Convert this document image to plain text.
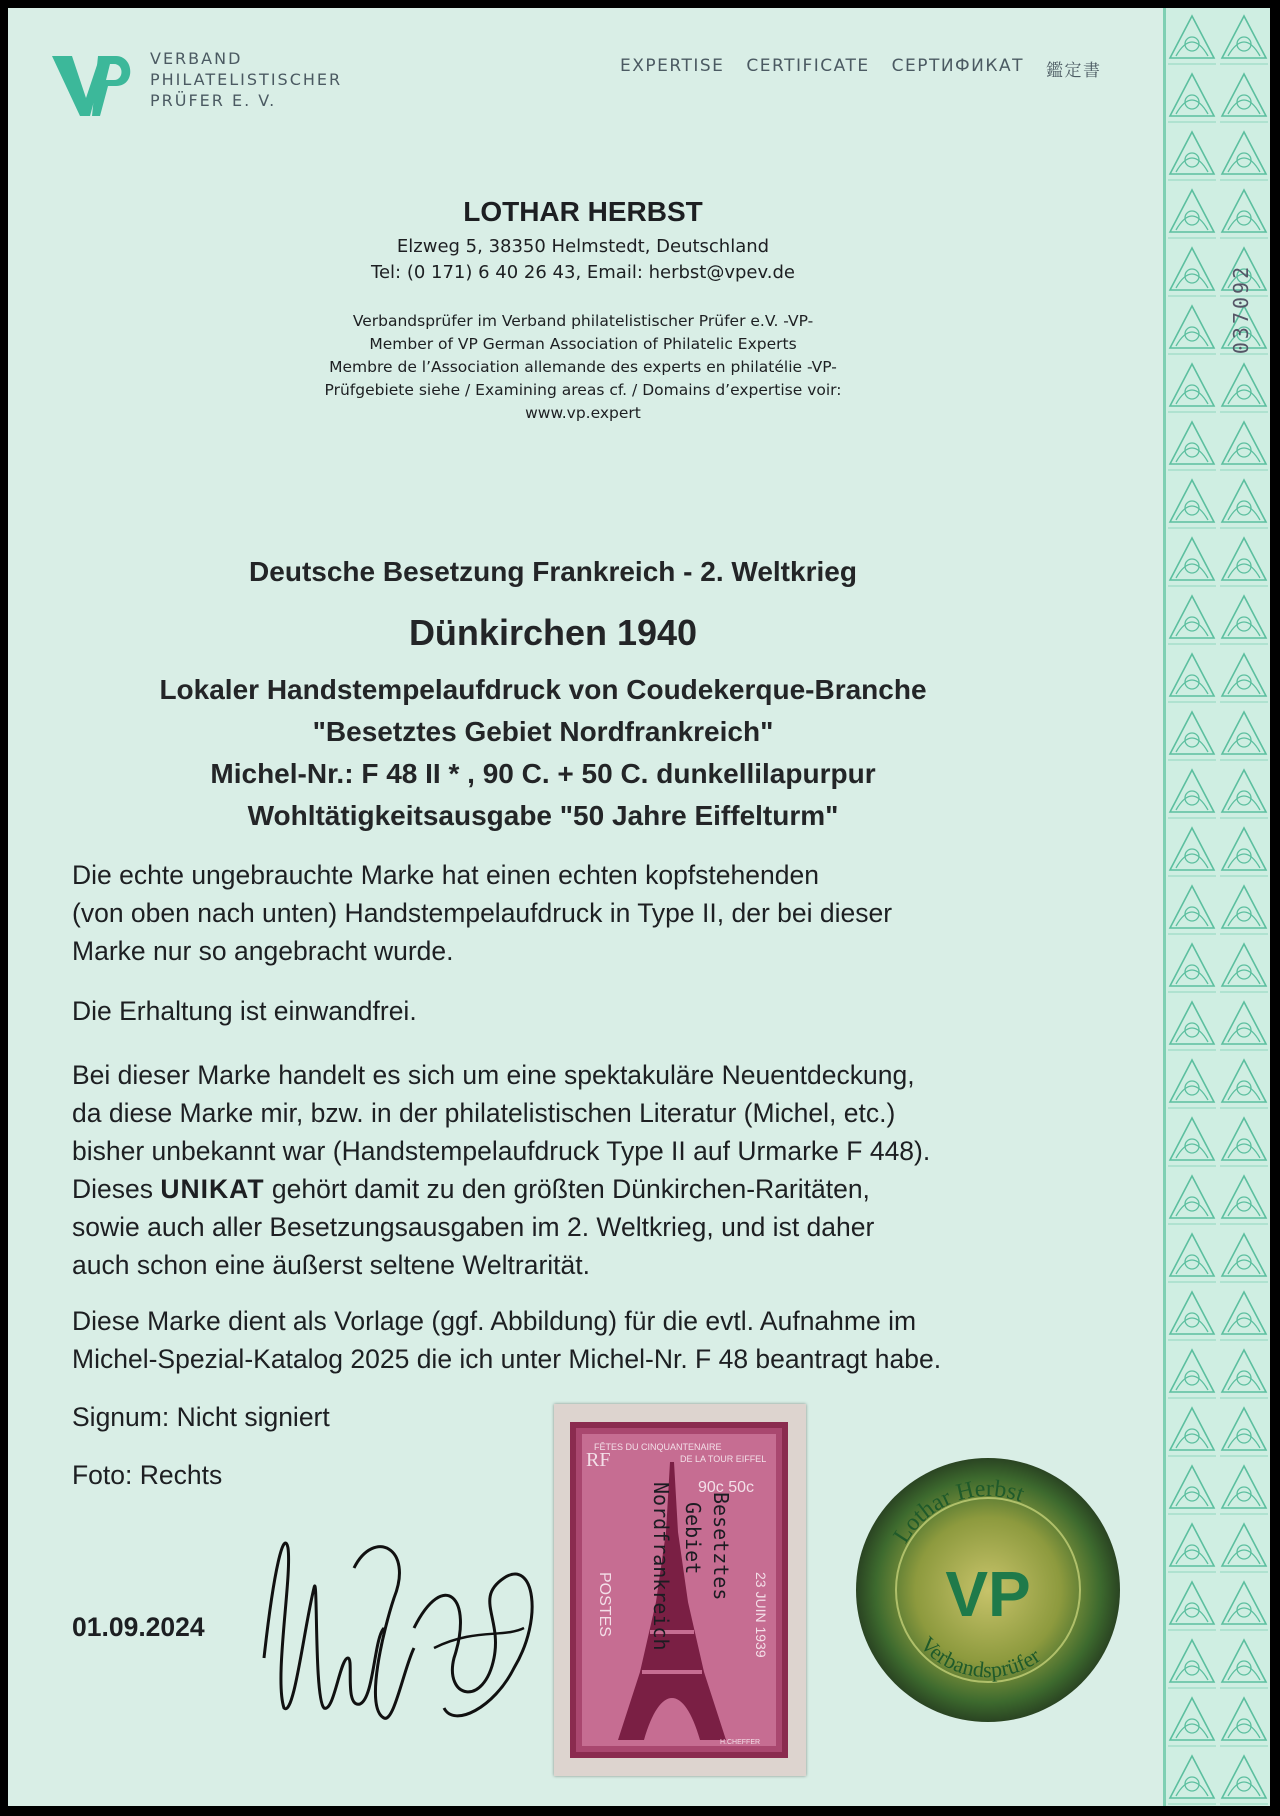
037092
VERBAND
PHILATELISTISCHER
PRÜFER E. V.
EXPERTISE CERTIFICATE СЕРТИФИКАТ 鑑定書
LOTHAR HERBST
Elzweg 5, 38350 Helmstedt, Deutschland
Tel: (0 171) 6 40 26 43, Email: herbst@vpev.de
Verbandsprüfer im Verband philatelistischer Prüfer e.V. -VP-
Member of VP German Association of Philatelic Experts
Membre de l’Association allemande des experts en philatélie -VP-
Prüfgebiete siehe / Examining areas cf. / Domains d’expertise voir:
www.vp.expert
Deutsche Besetzung Frankreich - 2. Weltkrieg
Dünkirchen 1940
Lokaler Handstempelaufdruck von Coudekerque-Branche
"Besetztes Gebiet Nordfrankreich"
Michel-Nr.: F 48 II * , 90 C. + 50 C. dunkellilapurpur
Wohltätigkeitsausgabe "50 Jahre Eiffelturm"

Die echte ungebrauchte Marke hat einen echten kopfstehenden

(von oben nach unten) Handstempelaufdruck in Type II, der bei dieser

Marke nur so angebracht wurde.

Die Erhaltung ist einwandfrei.

Bei dieser Marke handelt es sich um eine spektakuläre Neuentdeckung,

da diese Marke mir, bzw. in der philatelistischen Literatur (Michel, etc.)

bisher unbekannt war (Handstempelaufdruck Type II auf Urmarke F 448).

Dieses UNIKAT gehört damit zu den größten Dünkirchen-Raritäten,

sowie auch aller Besetzungsausgaben im 2. Weltkrieg, und ist daher

auch schon eine äußerst seltene Weltrarität.

Diese Marke dient als Vorlage (ggf. Abbildung) für die evtl. Aufnahme im

Michel-Spezial-Katalog 2025 die ich unter Michel-Nr. F 48 beantragt habe.

Signum: Nicht signiert
Foto: Rechts
01.09.2024
FÊTES DU CINQUANTENAIRE
DE LA TOUR EIFFEL
RF
90c 50c
POSTES	23 JUIN 1939
Nordfrankreich Gebiet Besetztes
H.CHEFFER
Lothar Herbst
Verbandsprüfer
VP
